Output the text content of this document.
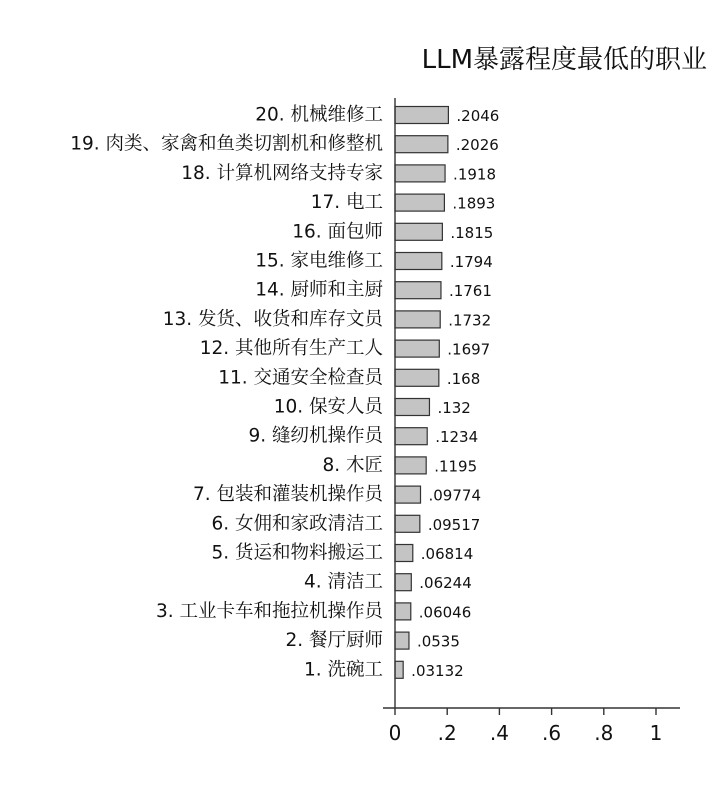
LLM暴露程度最低的职业
20. 机械维修工
19. 肉类、家禽和鱼类切割机和修整机
18. 计算机网络支持专家
17. 电工
16. 面包师
15. 家电维修工
14. 厨师和主厨
13. 发货、收货和库存文员
12. 其他所有生产工人
11. 交通安全检查员
10. 保安人员
9. 缝纫机操作员
8. 木匠
7. 包装和灌装机操作员
6. 女佣和家政清洁工
5. 货运和物料搬运工
4. 清洁工
3. 工业卡车和拖拉机操作员
2. 餐厅厨师
1. 洗碗工
.2046
.2026
.1918
.1893
.1815
.1794
.1761
.1732
.1697
.168
.132
.1234
.1195
.09774
.09517
.06814
.06244
.06046
.0535
.03132
0 .2 .4 .6 .8 1
